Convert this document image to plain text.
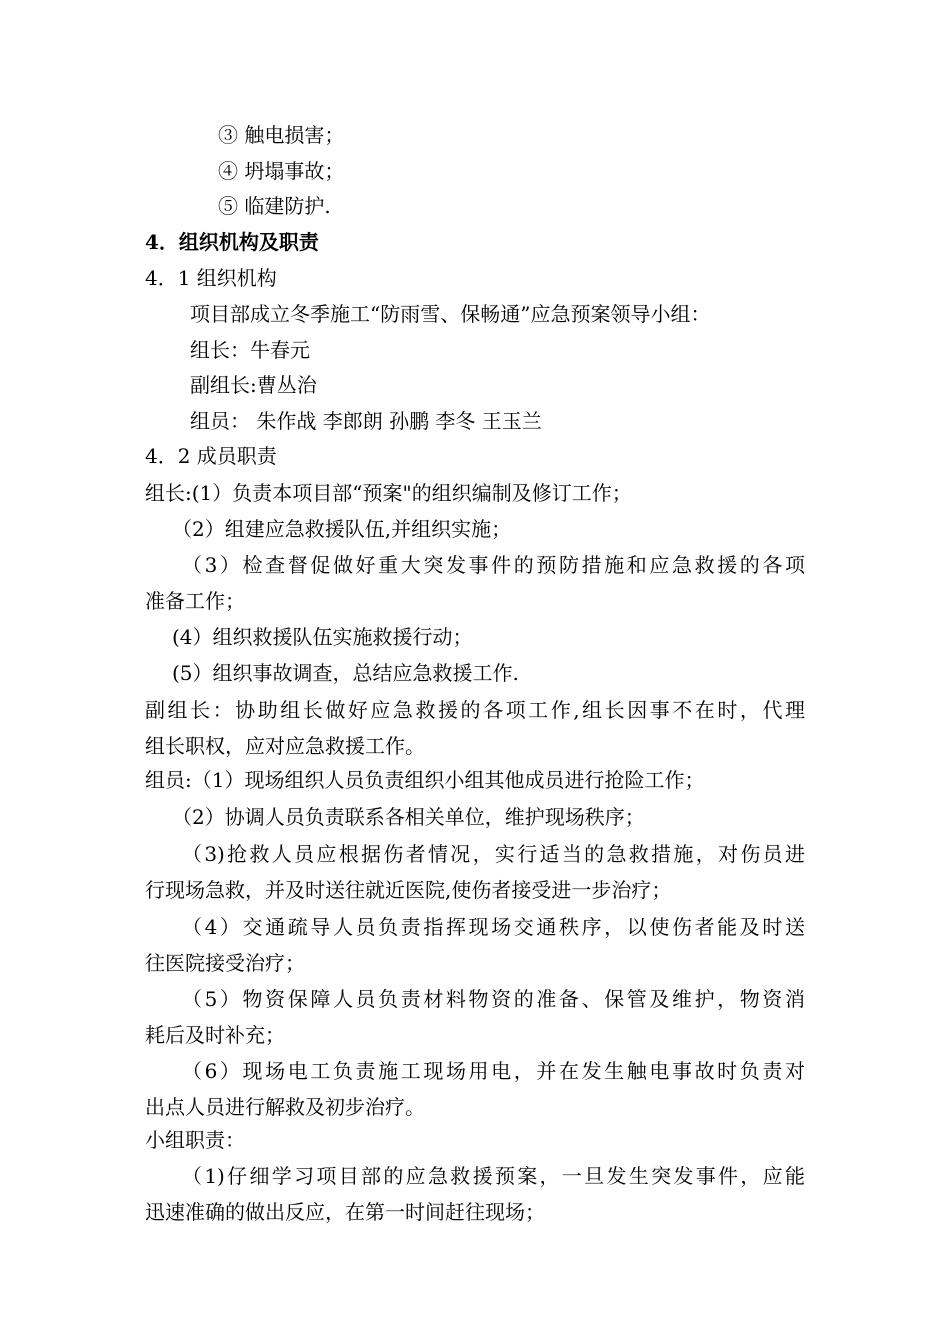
③ 触电损害；
④ 坍塌事故；
⑤ 临建防护.
4．组织机构及职责
4．1 组织机构
项目部成立冬季施工“防雨雪、保畅通”应急预案领导小组：
组长：牛春元
副组长:曹丛治
组员： 朱作战 李郎朗 孙鹏 李冬 王玉兰
4．2 成员职责
组长:(1）负责本项目部“预案"的组织编制及修订工作；
（2）组建应急救援队伍,并组织实施；
（3）检查督促做好重大突发事件的预防措施和应急救援的各项
准备工作；
(4）组织救援队伍实施救援行动；
(5）组织事故调查，总结应急救援工作.
副组长：协助组长做好应急救援的各项工作,组长因事不在时，代理
组长职权，应对应急救援工作。
组员:（1）现场组织人员负责组织小组其他成员进行抢险工作；
（2）协调人员负责联系各相关单位，维护现场秩序；
（3)抢救人员应根据伤者情况，实行适当的急救措施，对伤员进
行现场急救，并及时送往就近医院,使伤者接受进一步治疗；
（4）交通疏导人员负责指挥现场交通秩序，以使伤者能及时送
往医院接受治疗；
（5）物资保障人员负责材料物资的准备、保管及维护，物资消
耗后及时补充；
（6）现场电工负责施工现场用电，并在发生触电事故时负责对
出点人员进行解救及初步治疗。
小组职责：
（1)仔细学习项目部的应急救援预案，一旦发生突发事件，应能
迅速准确的做出反应，在第一时间赶往现场；
